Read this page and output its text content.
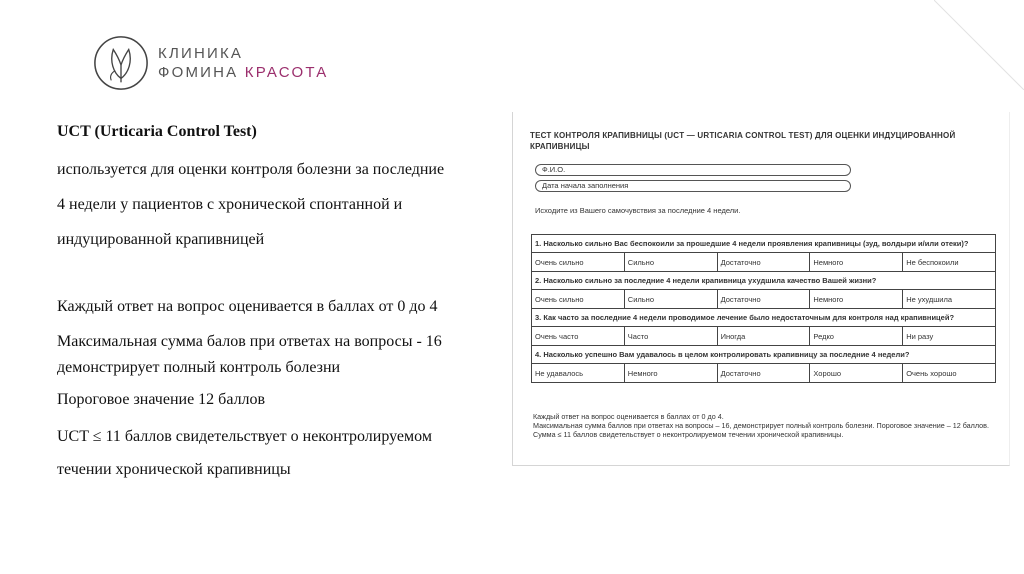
КЛИНИКА
ФОМИНА КРАСОТА
UCT (Urticaria Control Test)
используется для оценки контроля болезни за последние
4 недели у пациентов с хронической спонтанной и
индуцированной крапивницей
Каждый ответ на вопрос оценивается в баллах от 0 до 4
Максимальная сумма балов при ответах на вопросы - 16
демонстрирует полный контроль болезни
Пороговое значение 12 баллов
UCT ≤ 11 баллов свидетельствует о неконтролируемом
течении хронической крапивницы
ТЕСТ КОНТРОЛЯ КРАПИВНИЦЫ (UCT — URTICARIA CONTROL TEST) ДЛЯ ОЦЕНКИ ИНДУЦИРОВАННОЙ КРАПИВНИЦЫ
Ф.И.О.
Дата начала заполнения
Исходите из Вашего самочувствия за последние 4 недели.
1. Насколько сильно Вас беспокоили за прошедшие 4 недели проявления крапивницы (зуд, волдыри и/или отеки)?				
Очень сильно	Сильно	Достаточно	Немного	Не беспокоили
2. Насколько сильно за последние 4 недели крапивница ухудшила качество Вашей жизни?				
Очень сильно	Сильно	Достаточно	Немного	Не ухудшила
3. Как часто за последние 4 недели проводимое лечение было недостаточным для контроля над крапивницей?				
Очень часто	Часто	Иногда	Редко	Ни разу
4. Насколько успешно Вам удавалось в целом контролировать крапивницу за последние 4 недели?				
Не удавалось	Немного	Достаточно	Хорошо	Очень хорошо
Каждый ответ на вопрос оценивается в баллах от 0 до 4.
Максимальная сумма баллов при ответах на вопросы – 16, демонстрирует полный контроль болезни. Пороговое значение – 12 баллов.
Сумма ≤ 11 баллов свидетельствует о неконтролируемом течении хронической крапивницы.
